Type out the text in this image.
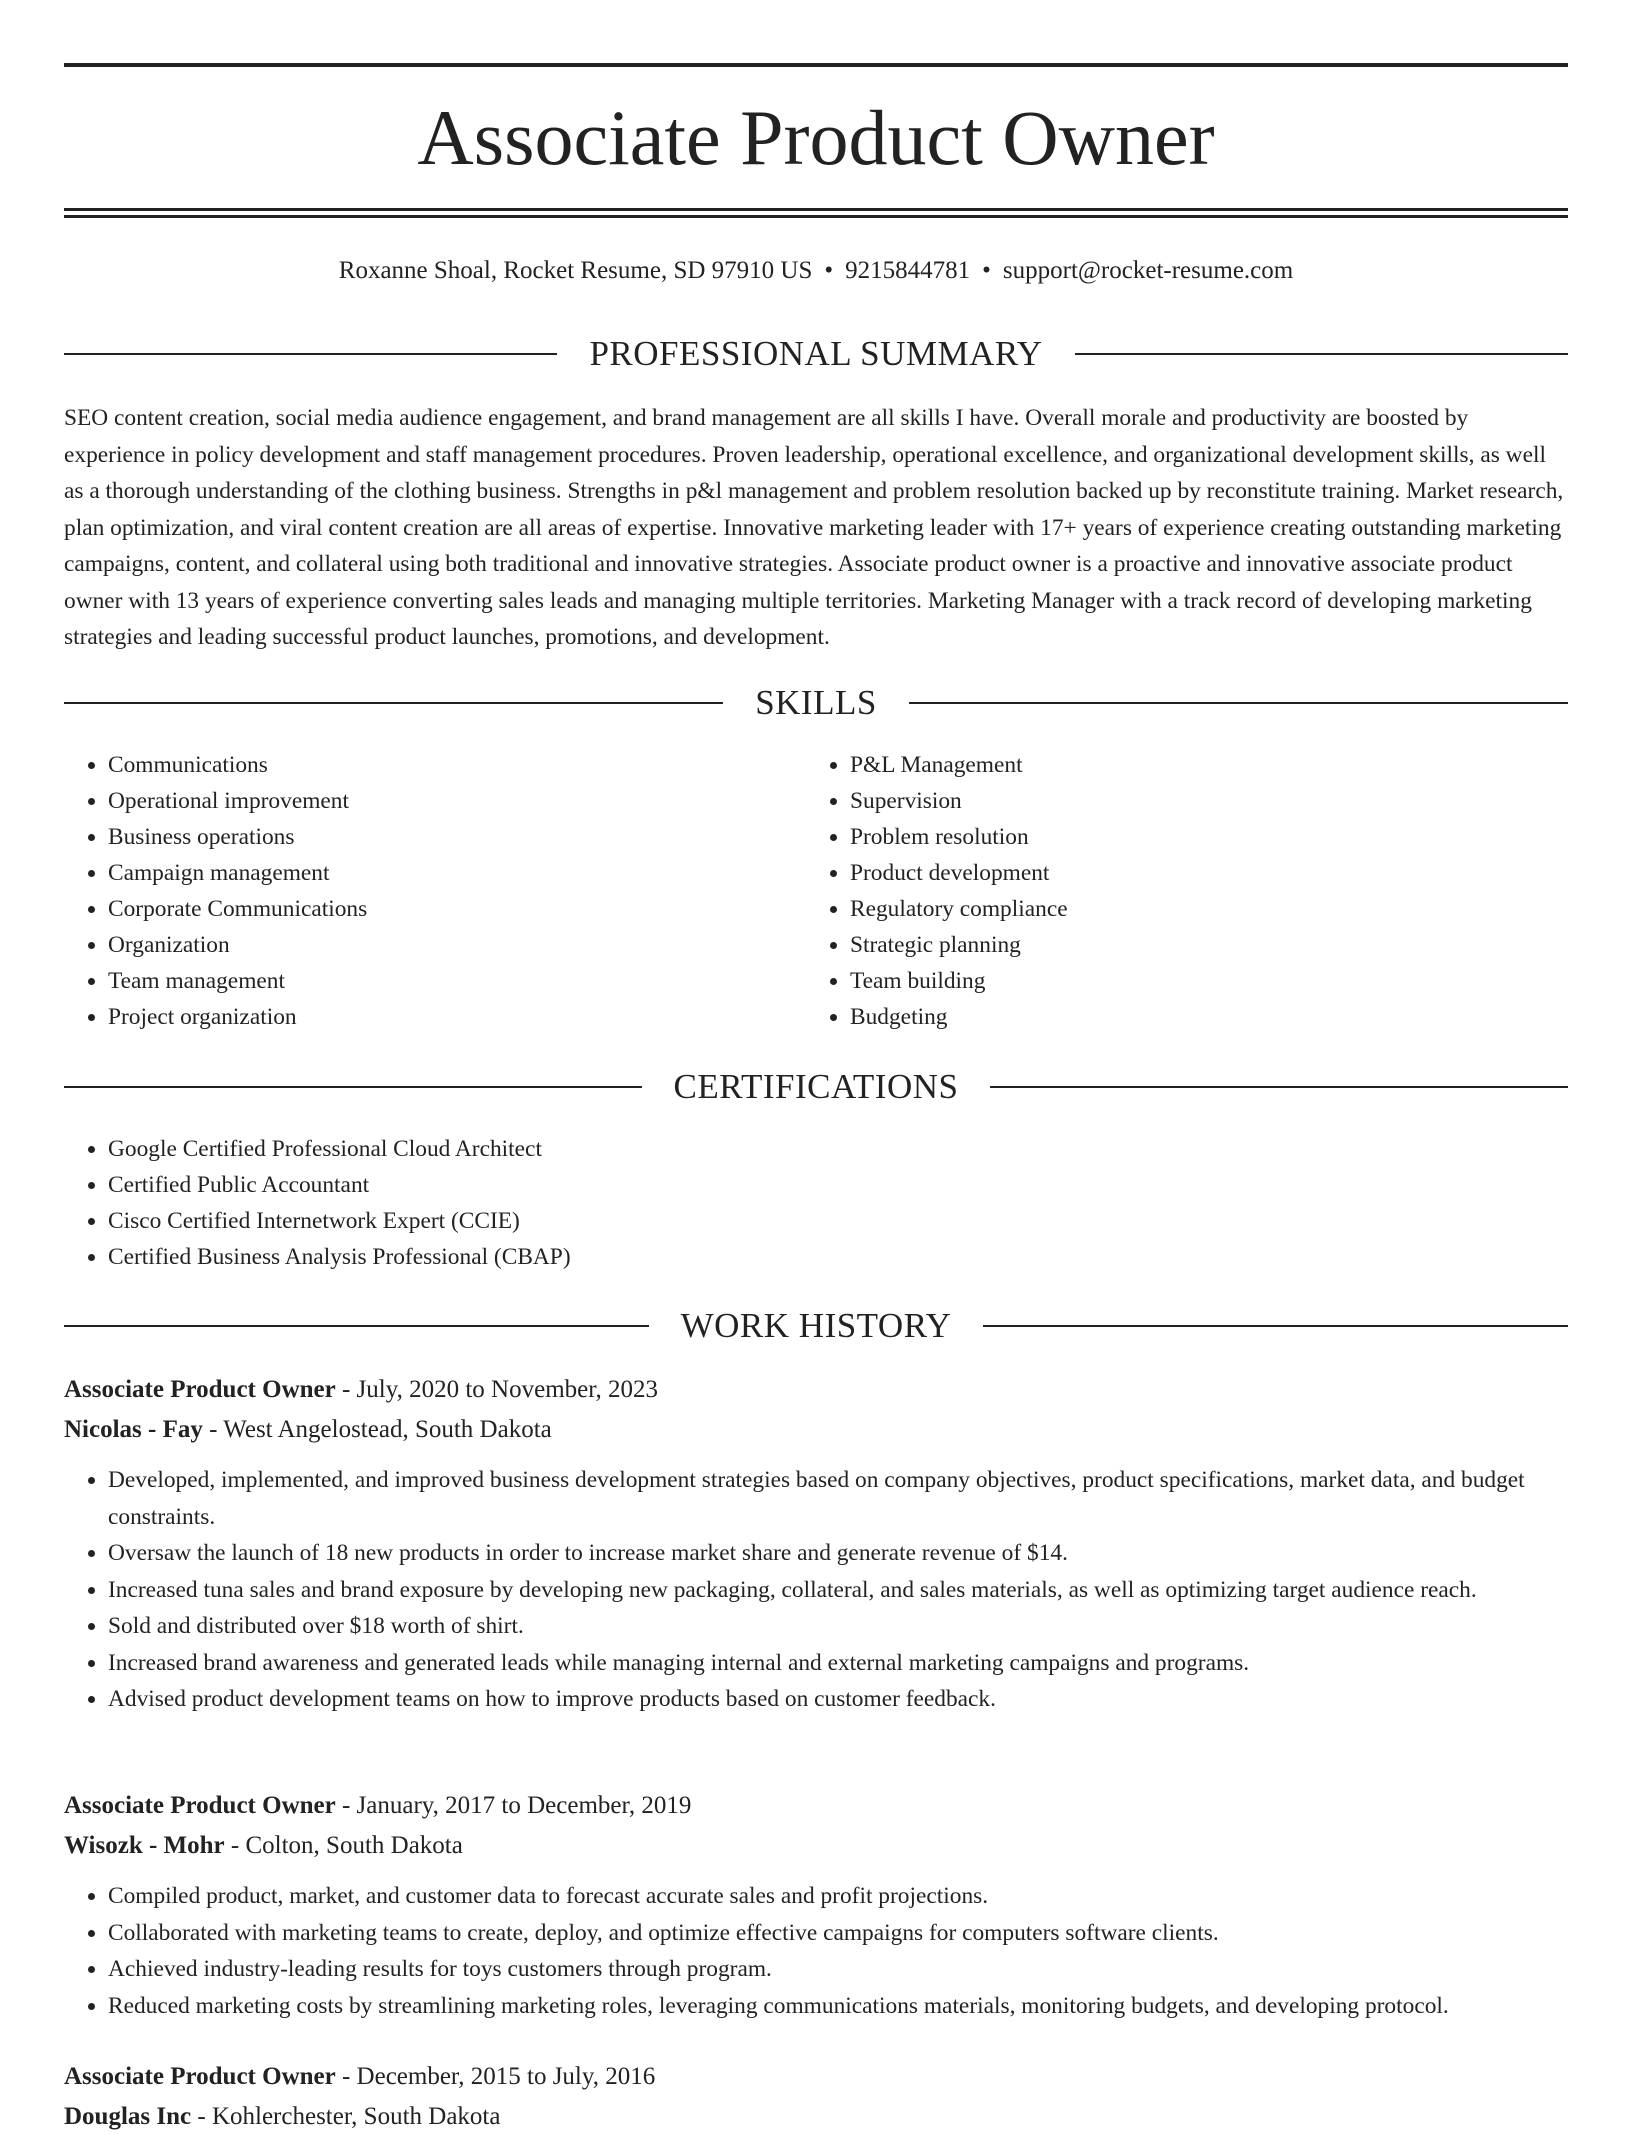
Associate Product Owner
Roxanne Shoal, Rocket Resume, SD 97910 US • 9215844781 • support@rocket-resume.com
PROFESSIONAL SUMMARY

SEO content creation, social media audience engagement, and brand management are all skills I have. Overall morale and productivity are boosted by experience in policy development and staff management procedures. Proven leadership, operational excellence, and organizational development skills, as well as a thorough understanding of the clothing business. Strengths in p&l management and problem resolution backed up by reconstitute training. Market research, plan optimization, and viral content creation are all areas of expertise. Innovative marketing leader with 17+ years of experience creating outstanding marketing campaigns, content, and collateral using both traditional and innovative strategies. Associate product owner is a proactive and innovative associate product owner with 13 years of experience converting sales leads and managing multiple territories. Marketing Manager with a track record of developing marketing strategies and leading successful product launches, promotions, and development.

SKILLS
• Communications
• Operational improvement
• Business operations
• Campaign management
• Corporate Communications
• Organization
• Team management
• Project organization
• P&L Management
• Supervision
• Problem resolution
• Product development
• Regulatory compliance
• Strategic planning
• Team building
• Budgeting
CERTIFICATIONS
• Google Certified Professional Cloud Architect
• Certified Public Accountant
• Cisco Certified Internetwork Expert (CCIE)
• Certified Business Analysis Professional (CBAP)
WORK HISTORY
Associate Product Owner - July, 2020 to November, 2023
Nicolas - Fay - West Angelostead, South Dakota
• Developed, implemented, and improved business development strategies based on company objectives, product specifications, market data, and budget constraints.
• Oversaw the launch of 18 new products in order to increase market share and generate revenue of $14.
• Increased tuna sales and brand exposure by developing new packaging, collateral, and sales materials, as well as optimizing target audience reach.
• Sold and distributed over $18 worth of shirt.
• Increased brand awareness and generated leads while managing internal and external marketing campaigns and programs.
• Advised product development teams on how to improve products based on customer feedback.
Associate Product Owner - January, 2017 to December, 2019
Wisozk - Mohr - Colton, South Dakota
• Compiled product, market, and customer data to forecast accurate sales and profit projections.
• Collaborated with marketing teams to create, deploy, and optimize effective campaigns for computers software clients.
• Achieved industry-leading results for toys customers through program.
• Reduced marketing costs by streamlining marketing roles, leveraging communications materials, monitoring budgets, and developing protocol.
Associate Product Owner - December, 2015 to July, 2016
Douglas Inc - Kohlerchester, South Dakota
